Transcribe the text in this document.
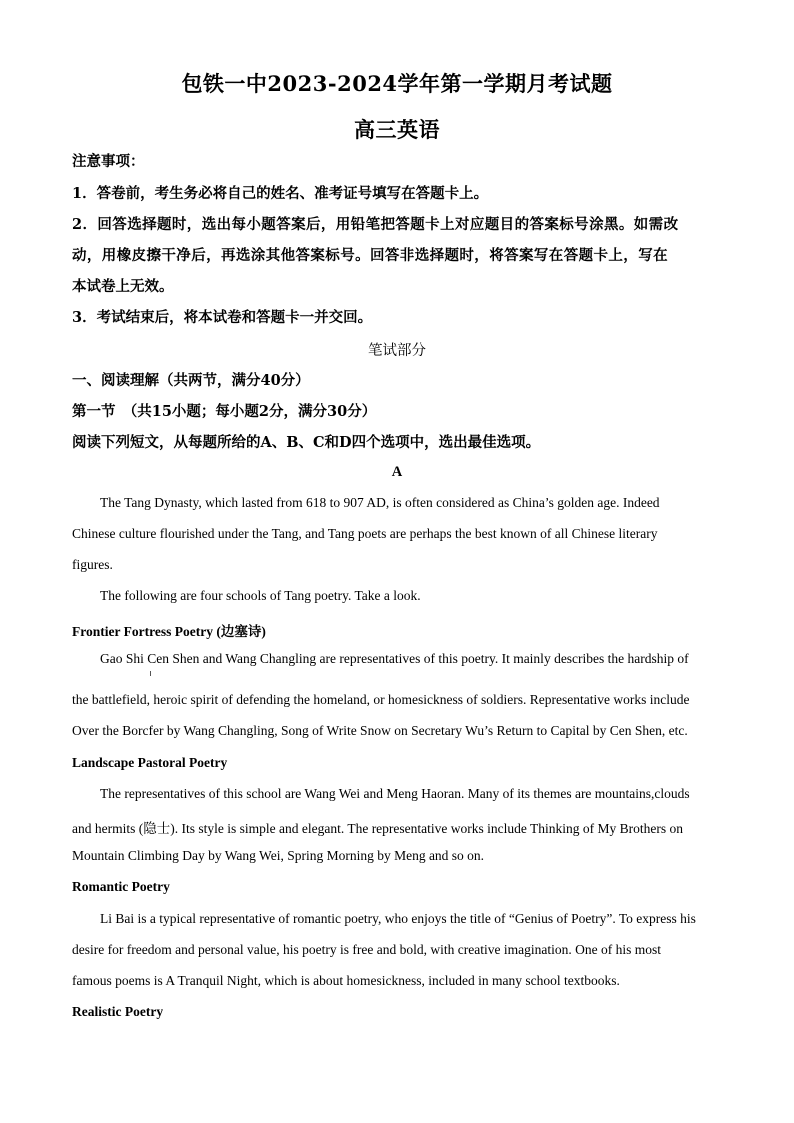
包铁一中2023-2024学年第一学期月考试题
高三英语
注意事项：
1．答卷前，考生务必将自己的姓名、准考证号填写在答题卡上。
2．回答选择题时，选出每小题答案后，用铅笔把答题卡上对应题目的答案标号涂黑。如需改
动，用橡皮擦干净后，再选涂其他答案标号。回答非选择题时，将答案写在答题卡上，写在
本试卷上无效。
3．考试结束后，将本试卷和答题卡一并交回。
笔试部分
一、阅读理解（共两节，满分40分）
第一节　（共15小题；每小题2分，满分30分）
阅读下列短文，从每题所给的A、B、C和D四个选项中，选出最佳选项。
A
The Tang Dynasty, which lasted from 618 to 907 AD, is often considered as China’s golden age. Indeed
Chinese culture flourished under the Tang, and Tang poets are perhaps the best known of all Chinese literary
figures.
The following are four schools of Tang poetry. Take a look.
Frontier Fortress Poetry (边塞诗)
Gao Shi Cen Shen and Wang Changling are representatives of this poetry. It mainly describes the hardship of
the battlefield, heroic spirit of defending the homeland, or homesickness of soldiers. Representative works include
Over the Borcfer by Wang Changling, Song of Write Snow on Secretary Wu’s Return to Capital by Cen Shen, etc.
Landscape Pastoral Poetry
The representatives of this school are Wang Wei and Meng Haoran. Many of its themes are mountains,clouds
and hermits (隐士). Its style is simple and elegant. The representative works include Thinking of My Brothers on
Mountain Climbing Day by Wang Wei, Spring Morning by Meng and so on.
Romantic Poetry
Li Bai is a typical representative of romantic poetry, who enjoys the title of “Genius of Poetry”. To express his
desire for freedom and personal value, his poetry is free and bold, with creative imagination. One of his most
famous poems is A Tranquil Night, which is about homesickness, included in many school textbooks.
Realistic Poetry
